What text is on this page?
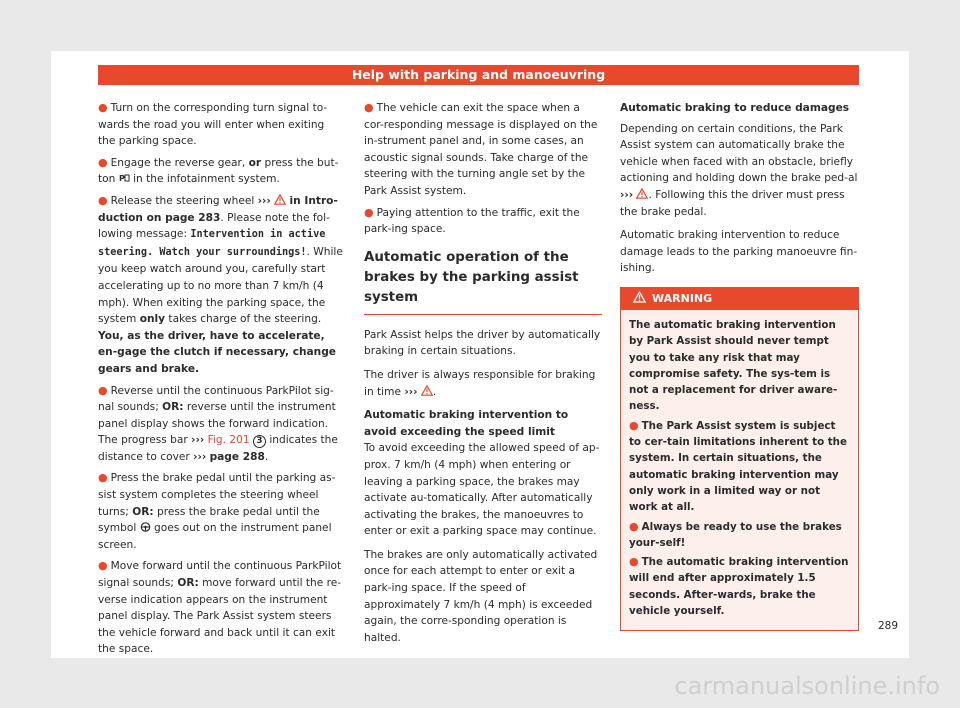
Help with parking and manoeuvring
● Turn on the corresponding turn signal to-wards the road you will enter when exiting the parking space.
● Engage the reverse gear, or press the but-ton P in the infotainment system.
● Release the steering wheel ››› in Intro-duction on page 283. Please note the fol-lowing message: Intervention in active steering. Watch your surroundings!. While you keep watch around you, carefully start accelerating up to no more than 7 km/h (4 mph). When exiting the parking space, the system only takes charge of the steering. You, as the driver, have to accelerate, en-gage the clutch if necessary, change gears and brake.
● Reverse until the continuous ParkPilot sig-nal sounds; OR: reverse until the instrument panel display shows the forward indication. The progress bar ››› Fig. 201 3 indicates the distance to cover ››› page 288.
● Press the brake pedal until the parking as-sist system completes the steering wheel turns; OR: press the brake pedal until the symbol goes out on the instrument panel screen.
● Move forward until the continuous ParkPilot signal sounds; OR: move forward until the re-verse indication appears on the instrument panel display. The Park Assist system steers the vehicle forward and back until it can exit the space.
● The vehicle can exit the space when a cor-responding message is displayed on the in-strument panel and, in some cases, an acoustic signal sounds. Take charge of the steering with the turning angle set by the Park Assist system.
● Paying attention to the traffic, exit the park-ing space.
Automatic operation of the brakes by the parking assist system

Park Assist helps the driver by automatically braking in certain situations.

The driver is always responsible for braking in time ››› .

Automatic braking intervention to avoid exceeding the speed limit

To avoid exceeding the allowed speed of ap-prox. 7 km/h (4 mph) when entering or leaving a parking space, the brakes may activate au-tomatically. After automatically activating the brakes, the manoeuvres to enter or exit a parking space may continue.

The brakes are only automatically activated once for each attempt to enter or exit a park-ing space. If the speed of approximately 7 km/h (4 mph) is exceeded again, the corre-sponding operation is halted.

Automatic braking to reduce damages

Depending on certain conditions, the Park Assist system can automatically brake the vehicle when faced with an obstacle, briefly actioning and holding down the brake ped-al ››› . Following this the driver must press the brake pedal.

Automatic braking intervention to reduce damage leads to the parking manoeuvre fin-ishing.

WARNING

The automatic braking intervention by Park Assist should never tempt you to take any risk that may compromise safety. The sys-tem is not a replacement for driver aware-ness.

● The Park Assist system is subject to cer-tain limitations inherent to the system. In certain situations, the automatic braking intervention may only work in a limited way or not work at all.

● Always be ready to use the brakes your-self!

● The automatic braking intervention will end after approximately 1.5 seconds. After-wards, brake the vehicle yourself.

289
carmanualsonline.info
